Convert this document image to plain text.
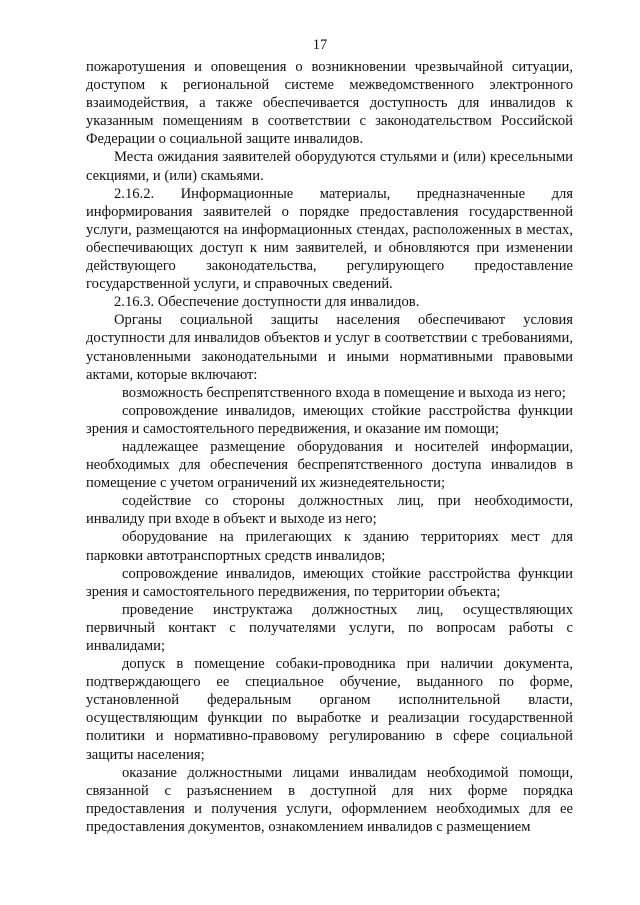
17

пожаротушения и оповещения о возникновении чрезвычайной ситуации, доступом к региональной системе межведомственного электронного взаимодействия, а также обеспечивается доступность для инвалидов к указанным помещениям в соответствии с законодательством Российской Федерации о социальной защите инвалидов.

Места ожидания заявителей оборудуются стульями и (или) кресельными секциями, и (или) скамьями.

2.16.2. Информационные материалы, предназначенные для информирования заявителей о порядке предоставления государственной услуги, размещаются на информационных стендах, расположенных в местах, обеспечивающих доступ к ним заявителей, и обновляются при изменении действующего законодательства, регулирующего предоставление государственной услуги, и справочных сведений.

2.16.3. Обеспечение доступности для инвалидов.

Органы социальной защиты населения обеспечивают условия доступности для инвалидов объектов и услуг в соответствии с требованиями, установленными законодательными и иными нормативными правовыми актами, которые включают:

возможность беспрепятственного входа в помещение и выхода из него;

сопровождение инвалидов, имеющих стойкие расстройства функции зрения и самостоятельного передвижения, и оказание им помощи;

надлежащее размещение оборудования и носителей информации, необходимых для обеспечения беспрепятственного доступа инвалидов в помещение с учетом ограничений их жизнедеятельности;

содействие со стороны должностных лиц, при необходимости, инвалиду при входе в объект и выходе из него;

оборудование на прилегающих к зданию территориях мест для парковки автотранспортных средств инвалидов;

сопровождение инвалидов, имеющих стойкие расстройства функции зрения и самостоятельного передвижения, по территории объекта;

проведение инструктажа должностных лиц, осуществляющих первичный контакт с получателями услуги, по вопросам работы с инвалидами;

допуск в помещение собаки-проводника при наличии документа, подтверждающего ее специальное обучение, выданного по форме, установленной федеральным органом исполнительной власти, осуществляющим функции по выработке и реализации государственной политики и нормативно-правовому регулированию в сфере социальной защиты населения;

оказание должностными лицами инвалидам необходимой помощи, связанной с разъяснением в доступной для них форме порядка предоставления и получения услуги, оформлением необходимых для ее предоставления документов, ознакомлением инвалидов с размещением
